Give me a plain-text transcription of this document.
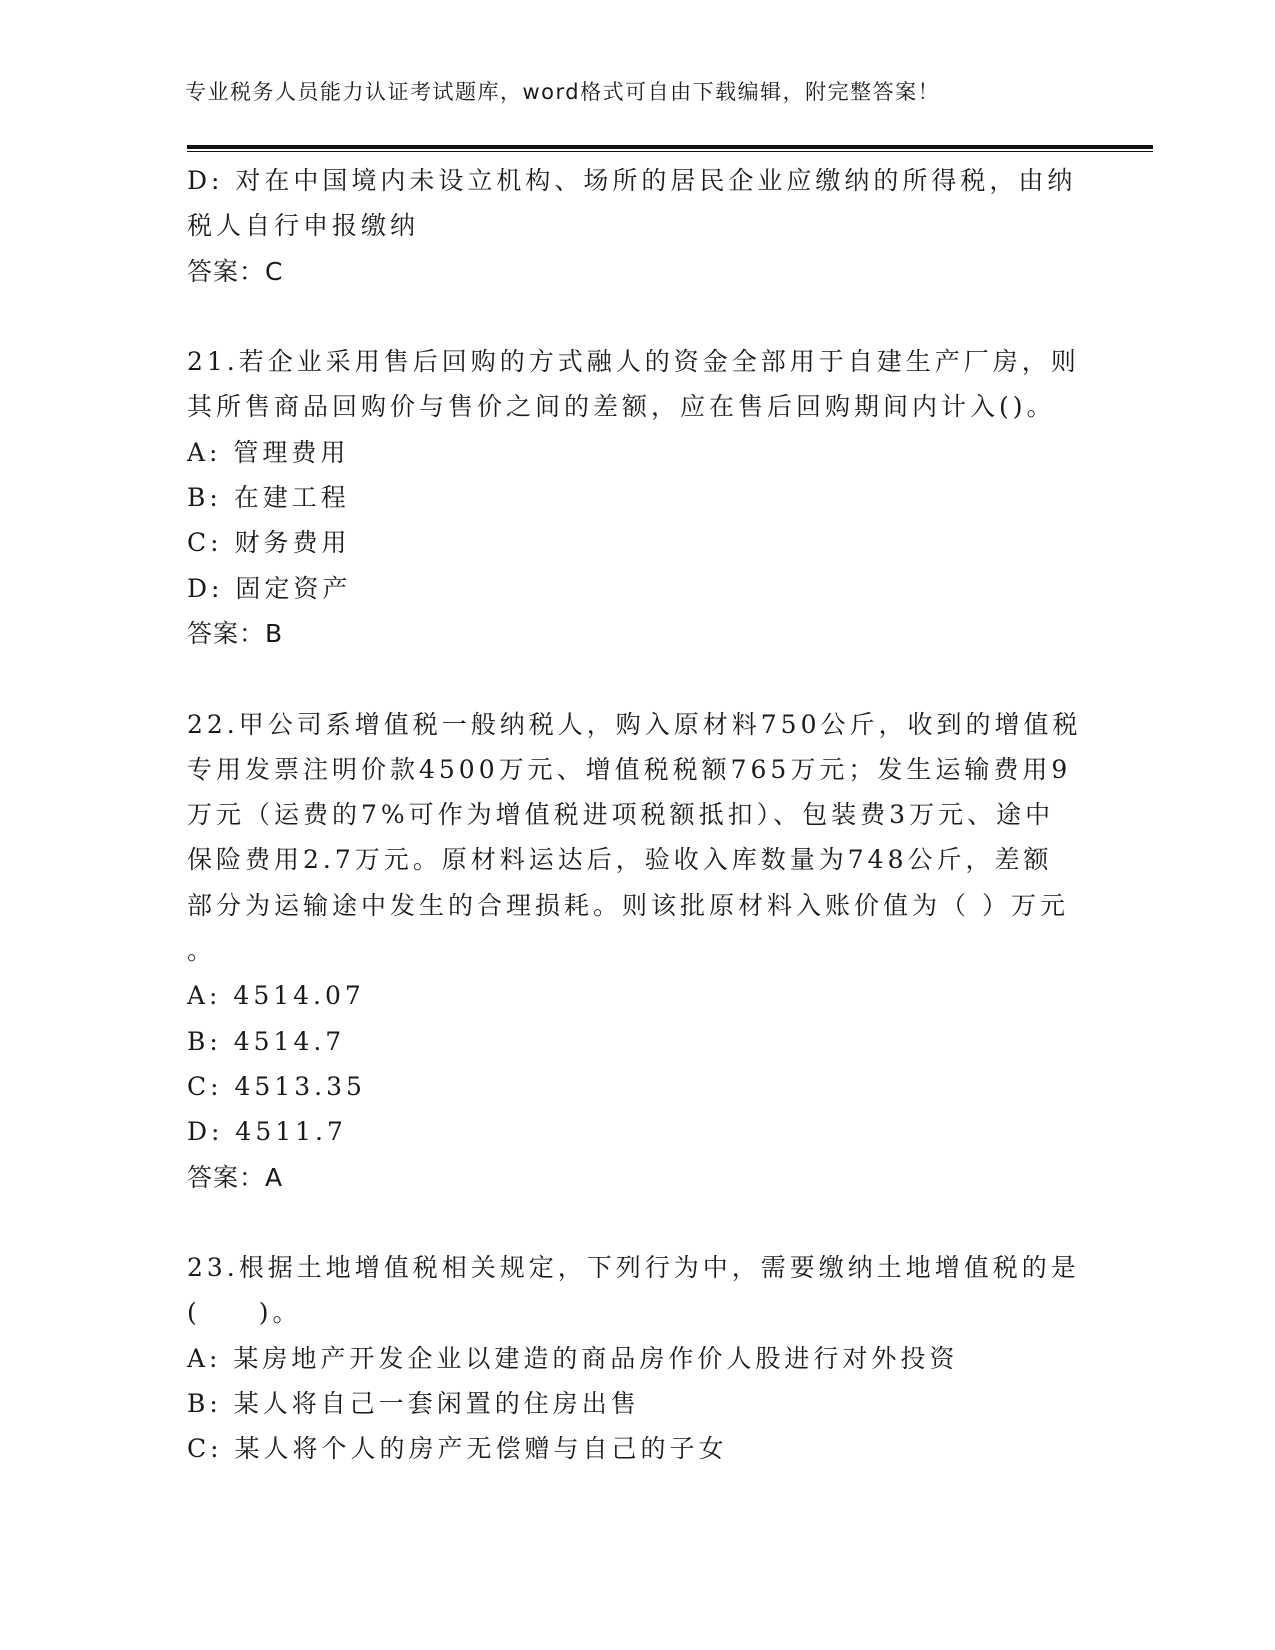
专业税务人员能力认证考试题库，word格式可自由下载编辑，附完整答案！
D: 对在中国境内未设立机构、场所的居民企业应缴纳的所得税，由纳
税人自行申报缴纳
答案：C
21.若企业采用售后回购的方式融人的资金全部用于自建生产厂房，则
其所售商品回购价与售价之间的差额，应在售后回购期间内计入()。
A: 管理费用
B: 在建工程
C: 财务费用
D: 固定资产
答案：B
22.甲公司系增值税一般纳税人，购入原材料750公斤，收到的增值税
专用发票注明价款4500万元、增值税税额765万元；发生运输费用9
万元（运费的7%可作为增值税进项税额抵扣）、包装费3万元、途中
保险费用2.7万元。原材料运达后，验收入库数量为748公斤，差额
部分为运输途中发生的合理损耗。则该批原材料入账价值为（ ）万元
。
A: 4514.07
B: 4514.7
C: 4513.35
D: 4511.7
答案：A
23.根据土地增值税相关规定，下列行为中，需要缴纳土地增值税的是
(　　)。
A: 某房地产开发企业以建造的商品房作价人股进行对外投资
B: 某人将自己一套闲置的住房出售
C: 某人将个人的房产无偿赠与自己的子女
